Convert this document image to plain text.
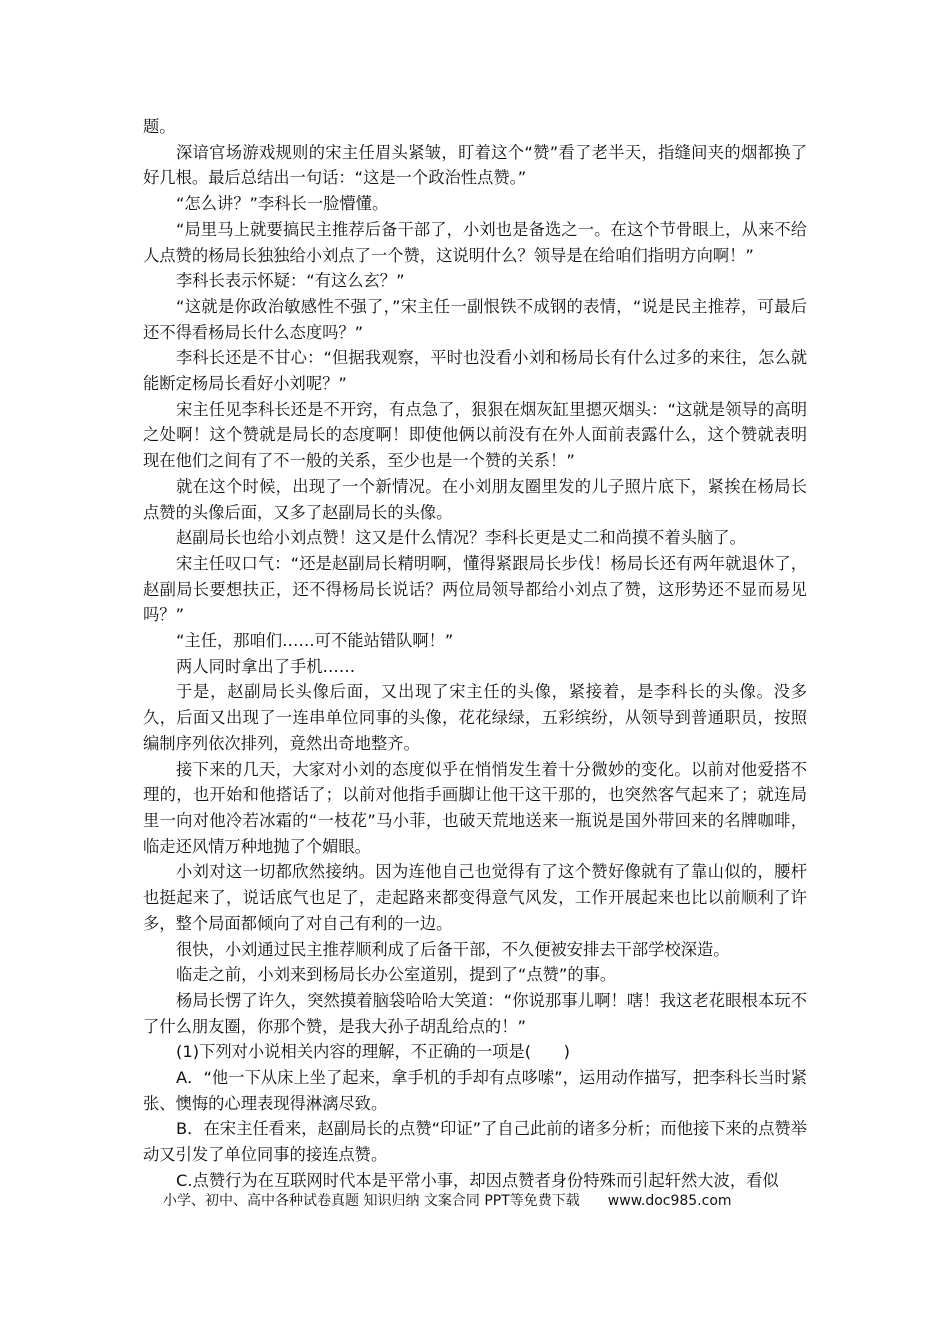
题。

深谙官场游戏规则的宋主任眉头紧皱，盯着这个“赞”看了老半天，指缝间夹的烟都换了好几根。最后总结出一句话：“这是一个政治性点赞。”

“怎么讲？”李科长一脸懵懂。

“局里马上就要搞民主推荐后备干部了，小刘也是备选之一。在这个节骨眼上，从来不给人点赞的杨局长独独给小刘点了一个赞，这说明什么？领导是在给咱们指明方向啊！”

李科长表示怀疑：“有这么玄？”

“这就是你政治敏感性不强了，”宋主任一副恨铁不成钢的表情，“说是民主推荐，可最后还不得看杨局长什么态度吗？”

李科长还是不甘心：“但据我观察，平时也没看小刘和杨局长有什么过多的来往，怎么就能断定杨局长看好小刘呢？”

宋主任见李科长还是不开窍，有点急了，狠狠在烟灰缸里摁灭烟头：“这就是领导的高明之处啊！这个赞就是局长的态度啊！即使他俩以前没有在外人面前表露什么，这个赞就表明现在他们之间有了不一般的关系，至少也是一个赞的关系！”

就在这个时候，出现了一个新情况。在小刘朋友圈里发的儿子照片底下，紧挨在杨局长点赞的头像后面，又多了赵副局长的头像。

赵副局长也给小刘点赞！这又是什么情况？李科长更是丈二和尚摸不着头脑了。

宋主任叹口气：“还是赵副局长精明啊，懂得紧跟局长步伐！杨局长还有两年就退休了，赵副局长要想扶正，还不得杨局长说话？两位局领导都给小刘点了赞，这形势还不显而易见吗？”

“主任，那咱们……可不能站错队啊！”

两人同时拿出了手机……

于是，赵副局长头像后面，又出现了宋主任的头像，紧接着，是李科长的头像。没多久，后面又出现了一连串单位同事的头像，花花绿绿，五彩缤纷，从领导到普通职员，按照编制序列依次排列，竟然出奇地整齐。

接下来的几天，大家对小刘的态度似乎在悄悄发生着十分微妙的变化。以前对他爱搭不理的，也开始和他搭话了；以前对他指手画脚让他干这干那的，也突然客气起来了；就连局里一向对他冷若冰霜的“一枝花”马小菲，也破天荒地送来一瓶说是国外带回来的名牌咖啡，临走还风情万种地抛了个媚眼。

小刘对这一切都欣然接纳。因为连他自己也觉得有了这个赞好像就有了靠山似的，腰杆也挺起来了，说话底气也足了，走起路来都变得意气风发，工作开展起来也比以前顺利了许多，整个局面都倾向了对自己有利的一边。

很快，小刘通过民主推荐顺利成了后备干部，不久便被安排去干部学校深造。

临走之前，小刘来到杨局长办公室道别，提到了“点赞”的事。

杨局长愣了许久，突然摸着脑袋哈哈大笑道：“你说那事儿啊！嗐！我这老花眼根本玩不了什么朋友圈，你那个赞，是我大孙子胡乱给点的！”

(1)下列对小说相关内容的理解，不正确的一项是(　　)

A．“他一下从床上坐了起来，拿手机的手却有点哆嗦”，运用动作描写，把李科长当时紧张、懊悔的心理表现得淋漓尽致。

B．在宋主任看来，赵副局长的点赞“印证”了自己此前的诸多分析；而他接下来的点赞举动又引发了单位同事的接连点赞。

C.点赞行为在互联网时代本是平常小事，却因点赞者身份特殊而引起轩然大波，看似

小学、初中、高中各种试卷真题 知识归纳 文案合同 PPT等免费下载 www.doc985.com
